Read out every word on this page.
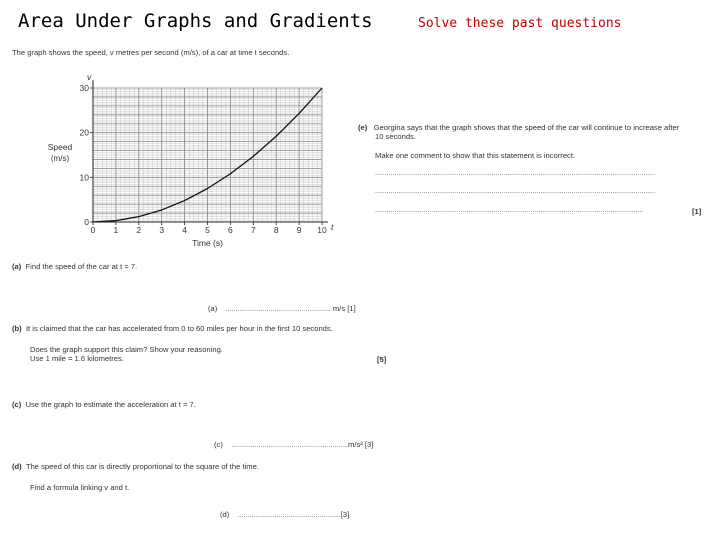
Area Under Graphs and Gradients	Solve these past questions
The graph shows the speed, v metres per second (m/s), of a car at time t seconds.
0 1 2 3 4 5 6 7 8 9 10
0
10
20
30
Time (s)
Speed
(m/s)
t
v
(a) Find the speed of the car at t = 7.
(a) ...................................................... m/s [1]
(b) It is claimed that the car has accelerated from 0 to 60 miles per hour in the first 10 seconds.
Does the graph support this claim? Show your reasoning.
Use 1 mile = 1.6 kilometres.	[5]
(c) Use the graph to estimate the acceleration at t = 7.
(c) ............................................................m/s² [3]
(d) The speed of this car is directly proportional to the square of the time.
Find a formula linking v and t.
(d) .....................................................[3]
(e) Georgina says that the graph shows that the speed of the car will continue to increase after
10 seconds.
Make one comment to show that this statement is incorrect.
................................................................................................................................................
................................................................................................................................................
..........................................................................................................................................	[1]
